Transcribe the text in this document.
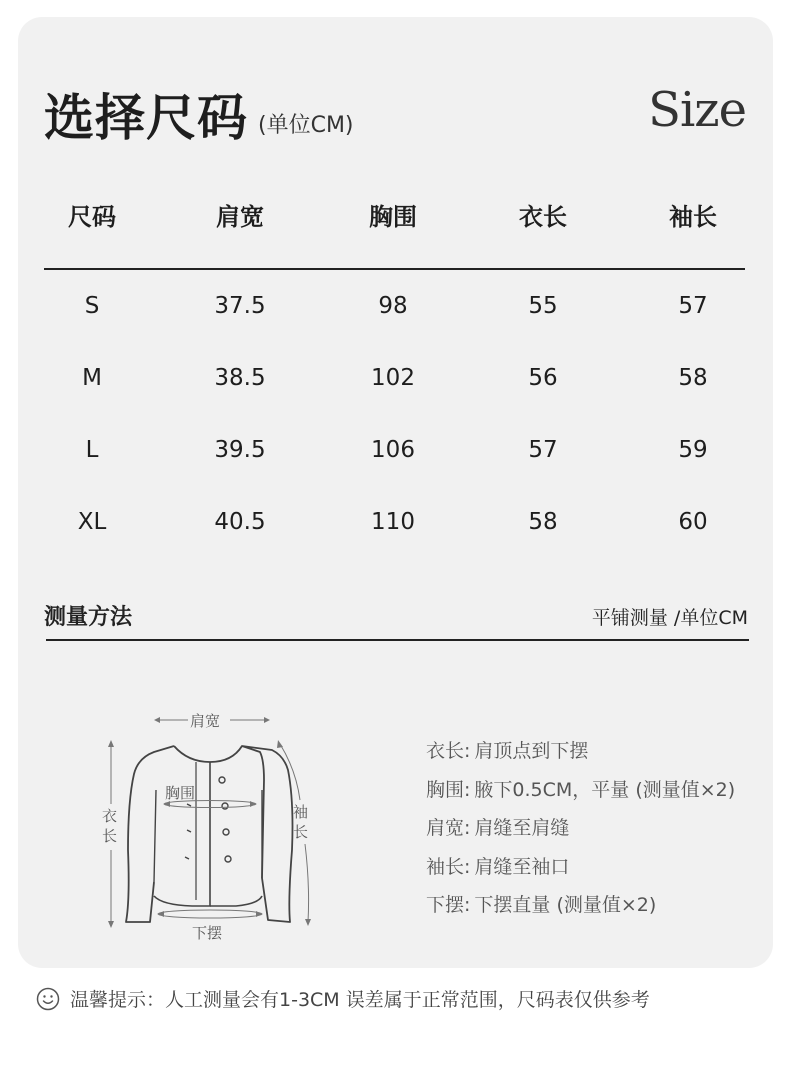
选择尺码 (单位CM)	Size
尺码	肩宽	胸围	衣长	袖长
S	37.5	98	55	57
M	38.5	102	56	58
L	39.5	106	57	59
XL	40.5	110	58	60
测量方法	平铺测量 /单位CM
肩宽
胸围
衣长
袖长
下摆
衣长: 肩顶点到下摆
胸围: 腋下0.5CM，平量 (测量值×2)
肩宽: 肩缝至肩缝
袖长: 肩缝至袖口
下摆: 下摆直量 (测量值×2)
温馨提示：人工测量会有1-3CM 误差属于正常范围，尺码表仅供参考
